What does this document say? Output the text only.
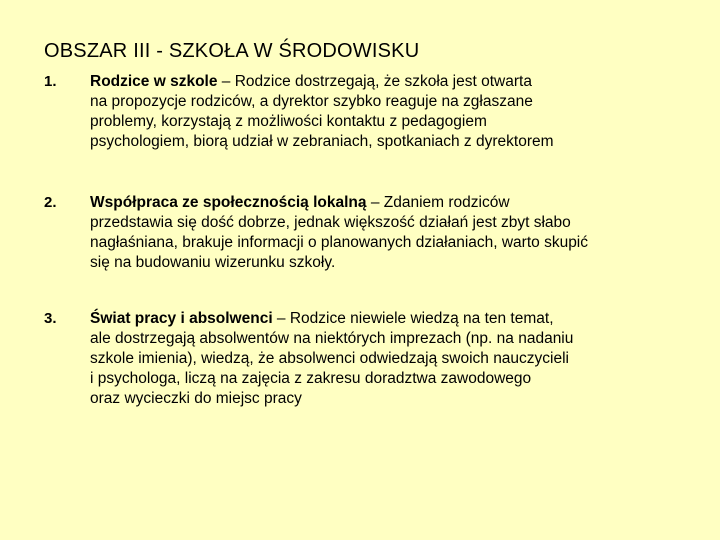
OBSZAR III - SZKOŁA W ŚRODOWISKU
1. Rodzice w szkole – Rodzice dostrzegają, że szkoła jest otwarta
na propozycje rodziców, a dyrektor szybko reaguje na zgłaszane
problemy, korzystają z możliwości kontaktu z pedagogiem
psychologiem, biorą udział w zebraniach, spotkaniach z dyrektorem
2. Współpraca ze społecznością lokalną – Zdaniem rodziców
przedstawia się dość dobrze, jednak większość działań jest zbyt słabo
nagłaśniana, brakuje informacji o planowanych działaniach, warto skupić
się na budowaniu wizerunku szkoły.
3. Świat pracy i absolwenci – Rodzice niewiele wiedzą na ten temat,
ale dostrzegają absolwentów na niektórych imprezach (np. na nadaniu
szkole imienia), wiedzą, że absolwenci odwiedzają swoich nauczycieli
i psychologa, liczą na zajęcia z zakresu doradztwa zawodowego
oraz wycieczki do miejsc pracy
